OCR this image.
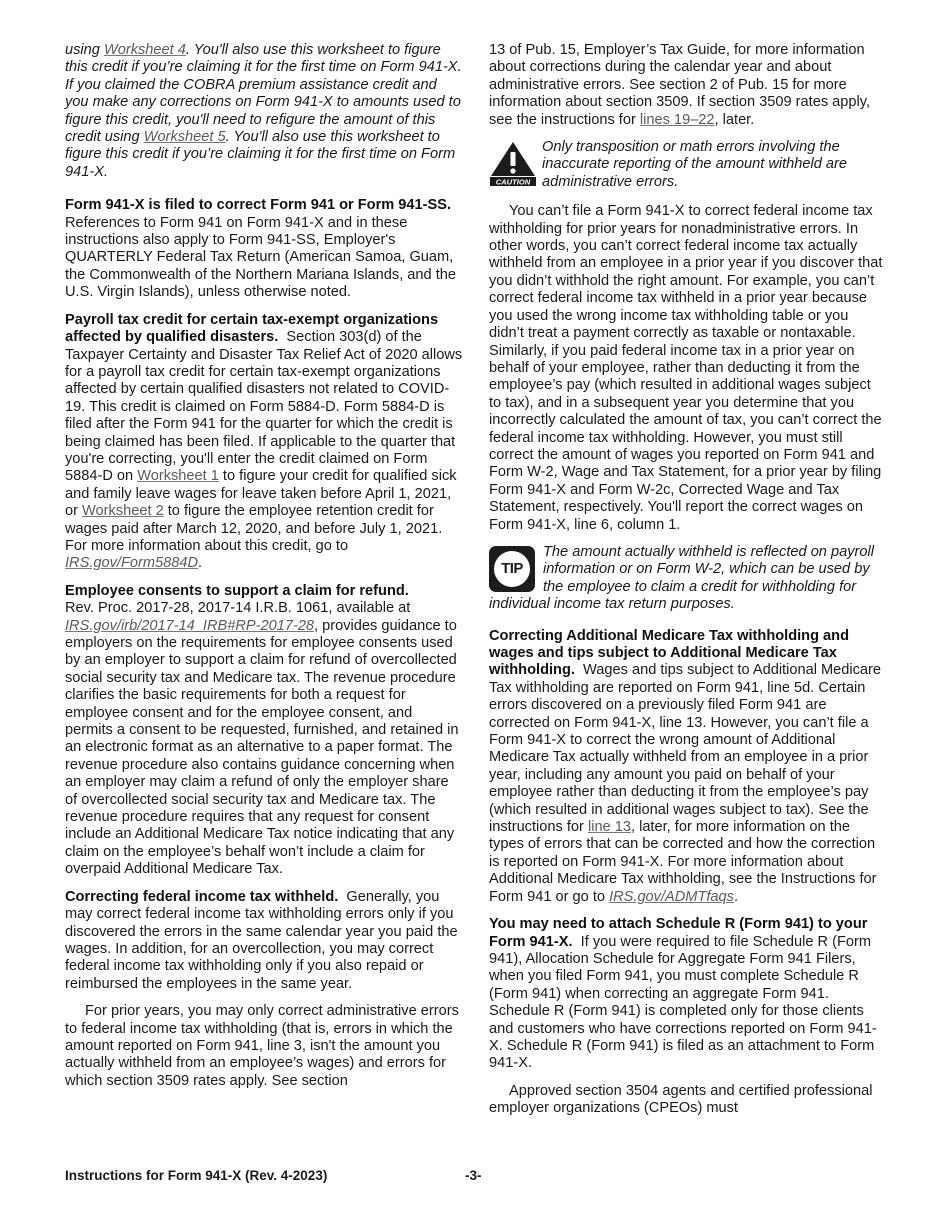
using Worksheet 4. You'll also use this worksheet to figure this credit if you’re claiming it for the first time on Form 941-X. If you claimed the COBRA premium assistance credit and you make any corrections on Form 941-X to amounts used to figure this credit, you'll need to refigure the amount of this credit using Worksheet 5. You'll also use this worksheet to figure this credit if you’re claiming it for the first time on Form 941-X.

Form 941-X is filed to correct Form 941 or Form 941-SS.  References to Form 941 on Form 941-X and in these instructions also apply to Form 941-SS, Employer's QUARTERLY Federal Tax Return (American Samoa, Guam, the Commonwealth of the Northern Mariana Islands, and the U.S. Virgin Islands), unless otherwise noted.

Payroll tax credit for certain tax-exempt organizations affected by qualified disasters. Section 303(d) of the Taxpayer Certainty and Disaster Tax Relief Act of 2020 allows for a payroll tax credit for certain tax-exempt organizations affected by certain qualified disasters not related to COVID-19. This credit is claimed on Form 5884-D. Form 5884-D is filed after the Form 941 for the quarter for which the credit is being claimed has been filed. If applicable to the quarter that you're correcting, you'll enter the credit claimed on Form 5884-D on Worksheet 1 to figure your credit for qualified sick and family leave wages for leave taken before April 1, 2021, or Worksheet 2 to figure the employee retention credit for wages paid after March 12, 2020, and before July 1, 2021. For more information about this credit, go to IRS.gov/Form5884D.

Employee consents to support a claim for refund.
Rev. Proc. 2017-28, 2017-14 I.R.B. 1061, available at IRS.gov/irb/2017-14_IRB#RP-2017-28, provides guidance to employers on the requirements for employee consents used by an employer to support a claim for refund of overcollected social security tax and Medicare tax. The revenue procedure clarifies the basic requirements for both a request for employee consent and for the employee consent, and permits a consent to be requested, furnished, and retained in an electronic format as an alternative to a paper format. The revenue procedure also contains guidance concerning when an employer may claim a refund of only the employer share of overcollected social security tax and Medicare tax. The revenue procedure requires that any request for consent include an Additional Medicare Tax notice indicating that any claim on the employee’s behalf won’t include a claim for overpaid Additional Medicare Tax.

Correcting federal income tax withheld. Generally, you may correct federal income tax withholding errors only if you discovered the errors in the same calendar year you paid the wages. In addition, for an overcollection, you may correct federal income tax withholding only if you also repaid or reimbursed the employees in the same year.

For prior years, you may only correct administrative errors to federal income tax withholding (that is, errors in which the amount reported on Form 941, line 3, isn't the amount you actually withheld from an employee’s wages) and errors for which section 3509 rates apply. See section

13 of Pub. 15, Employer’s Tax Guide, for more information about corrections during the calendar year and about administrative errors. See section 2 of Pub. 15 for more information about section 3509. If section 3509 rates apply, see the instructions for lines 19–22, later.

CAUTION
Only transposition or math errors involving the inaccurate reporting of the amount withheld are administrative errors.

You can’t file a Form 941-X to correct federal income tax withholding for prior years for nonadministrative errors. In other words, you can’t correct federal income tax actually withheld from an employee in a prior year if you discover that you didn’t withhold the right amount. For example, you can’t correct federal income tax withheld in a prior year because you used the wrong income tax withholding table or you didn’t treat a payment correctly as taxable or nontaxable. Similarly, if you paid federal income tax in a prior year on behalf of your employee, rather than deducting it from the employee’s pay (which resulted in additional wages subject to tax), and in a subsequent year you determine that you incorrectly calculated the amount of tax, you can’t correct the federal income tax withholding. However, you must still correct the amount of wages you reported on Form 941 and Form W-2, Wage and Tax Statement, for a prior year by filing Form 941-X and Form W-2c, Corrected Wage and Tax Statement, respectively. You'll report the correct wages on Form 941-X, line 6, column 1.

TIP
The amount actually withheld is reflected on payroll information or on Form W-2, which can be used by the employee to claim a credit for withholding for individual income tax return purposes.

Correcting Additional Medicare Tax withholding and wages and tips subject to Additional Medicare Tax withholding. Wages and tips subject to Additional Medicare Tax withholding are reported on Form 941, line 5d. Certain errors discovered on a previously filed Form 941 are corrected on Form 941-X, line 13. However, you can’t file a Form 941-X to correct the wrong amount of Additional Medicare Tax actually withheld from an employee in a prior year, including any amount you paid on behalf of your employee rather than deducting it from the employee’s pay (which resulted in additional wages subject to tax). See the instructions for line 13, later, for more information on the types of errors that can be corrected and how the correction is reported on Form 941-X. For more information about Additional Medicare Tax withholding, see the Instructions for Form 941 or go to IRS.gov/ADMTfaqs.

You may need to attach Schedule R (Form 941) to your Form 941-X. If you were required to file Schedule R (Form 941), Allocation Schedule for Aggregate Form 941 Filers, when you filed Form 941, you must complete Schedule R (Form 941) when correcting an aggregate Form 941. Schedule R (Form 941) is completed only for those clients and customers who have corrections reported on Form 941-X. Schedule R (Form 941) is filed as an attachment to Form 941-X.

Approved section 3504 agents and certified professional employer organizations (CPEOs) must

Instructions for Form 941-X (Rev. 4-2023)	-3-
